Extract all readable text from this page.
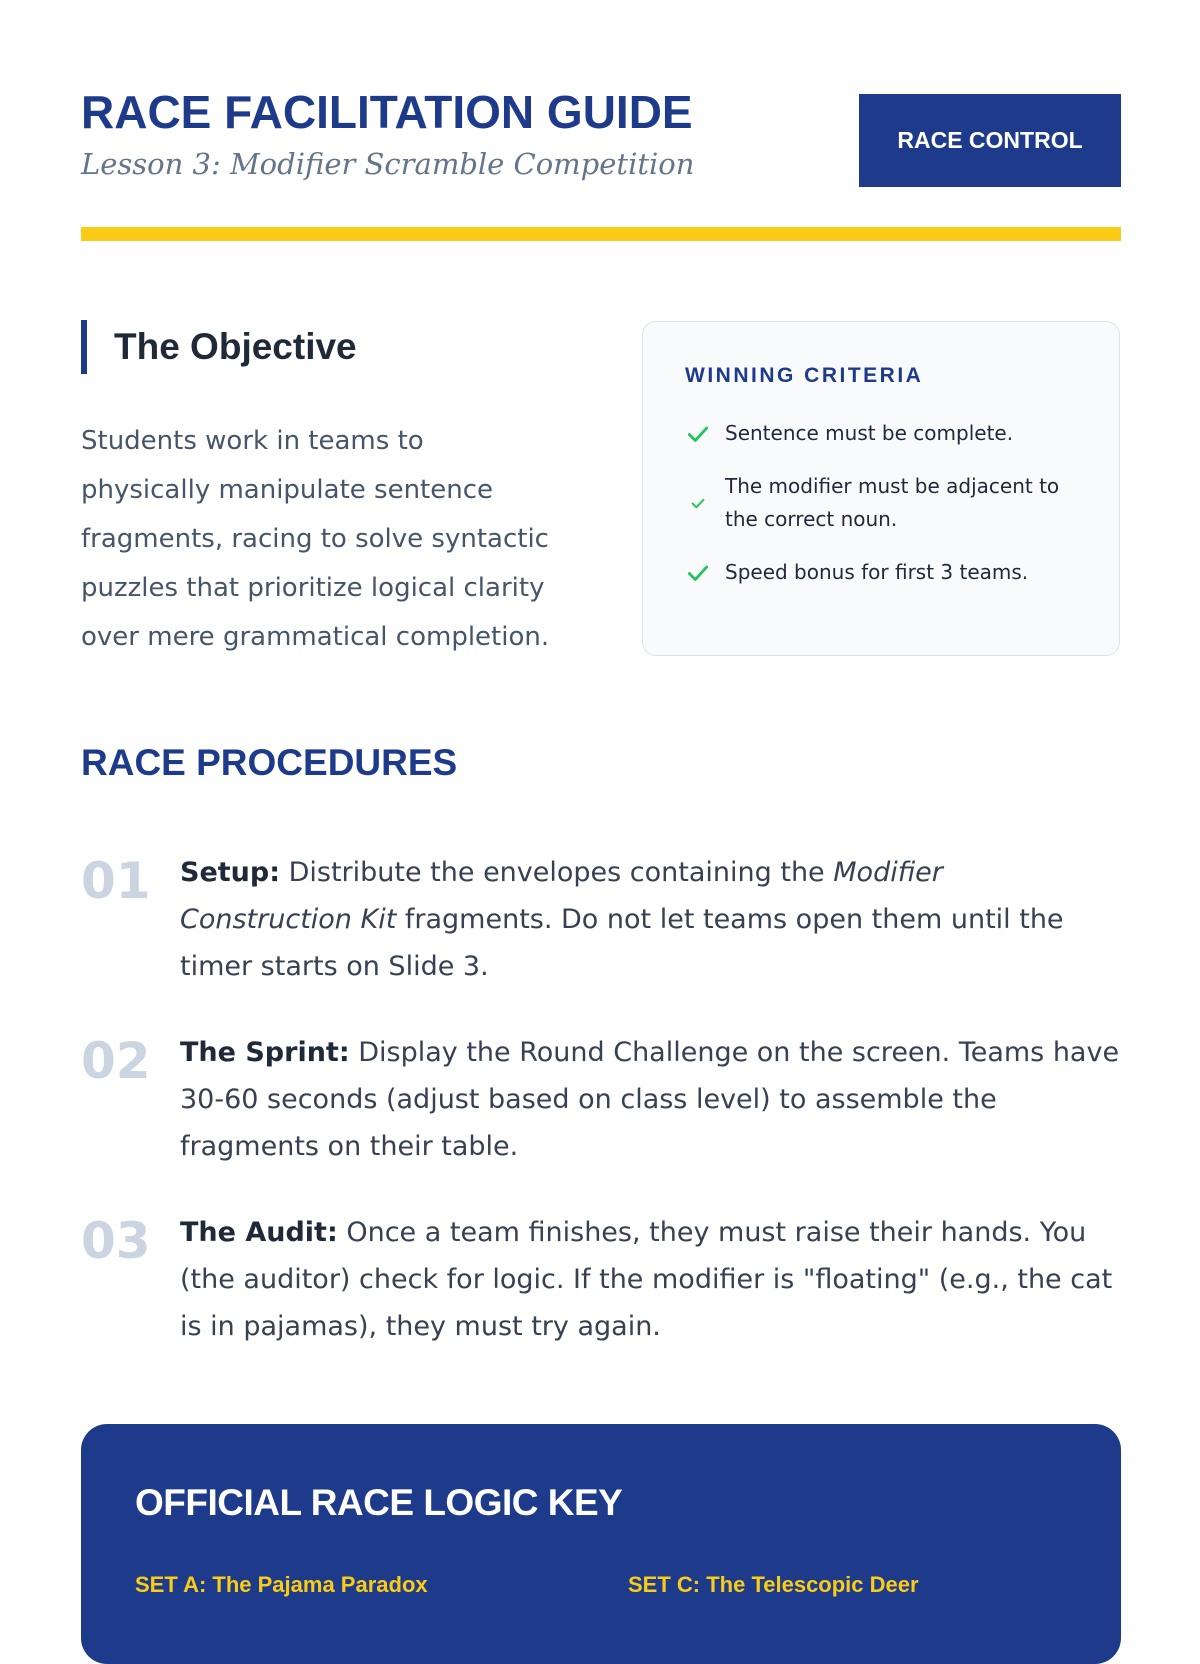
RACE FACILITATION GUIDE

Lesson 3: Modifier Scramble Competition

RACE CONTROL
The Objective

Students work in teams to physically manipulate sentence fragments, racing to solve syntactic puzzles that prioritize logical clarity over mere grammatical completion.

WINNING CRITERIA
Sentence must be complete.
The modifier must be adjacent to the correct noun.
Speed bonus for first 3 teams.
RACE PROCEDURES
01 Setup: Distribute the envelopes containing the Modifier Construction Kit fragments. Do not let teams open them until the timer starts on Slide 3.

02 The Sprint: Display the Round Challenge on the screen. Teams have 30-60 seconds (adjust based on class level) to assemble the fragments on their table.

03 The Audit: Once a team finishes, they must raise their hands. You (the auditor) check for logic. If the modifier is "floating" (e.g., the cat is in pajamas), they must try again.

OFFICIAL RACE LOGIC KEY
SET A: The Pajama Paradox	SET C: The Telescopic Deer
